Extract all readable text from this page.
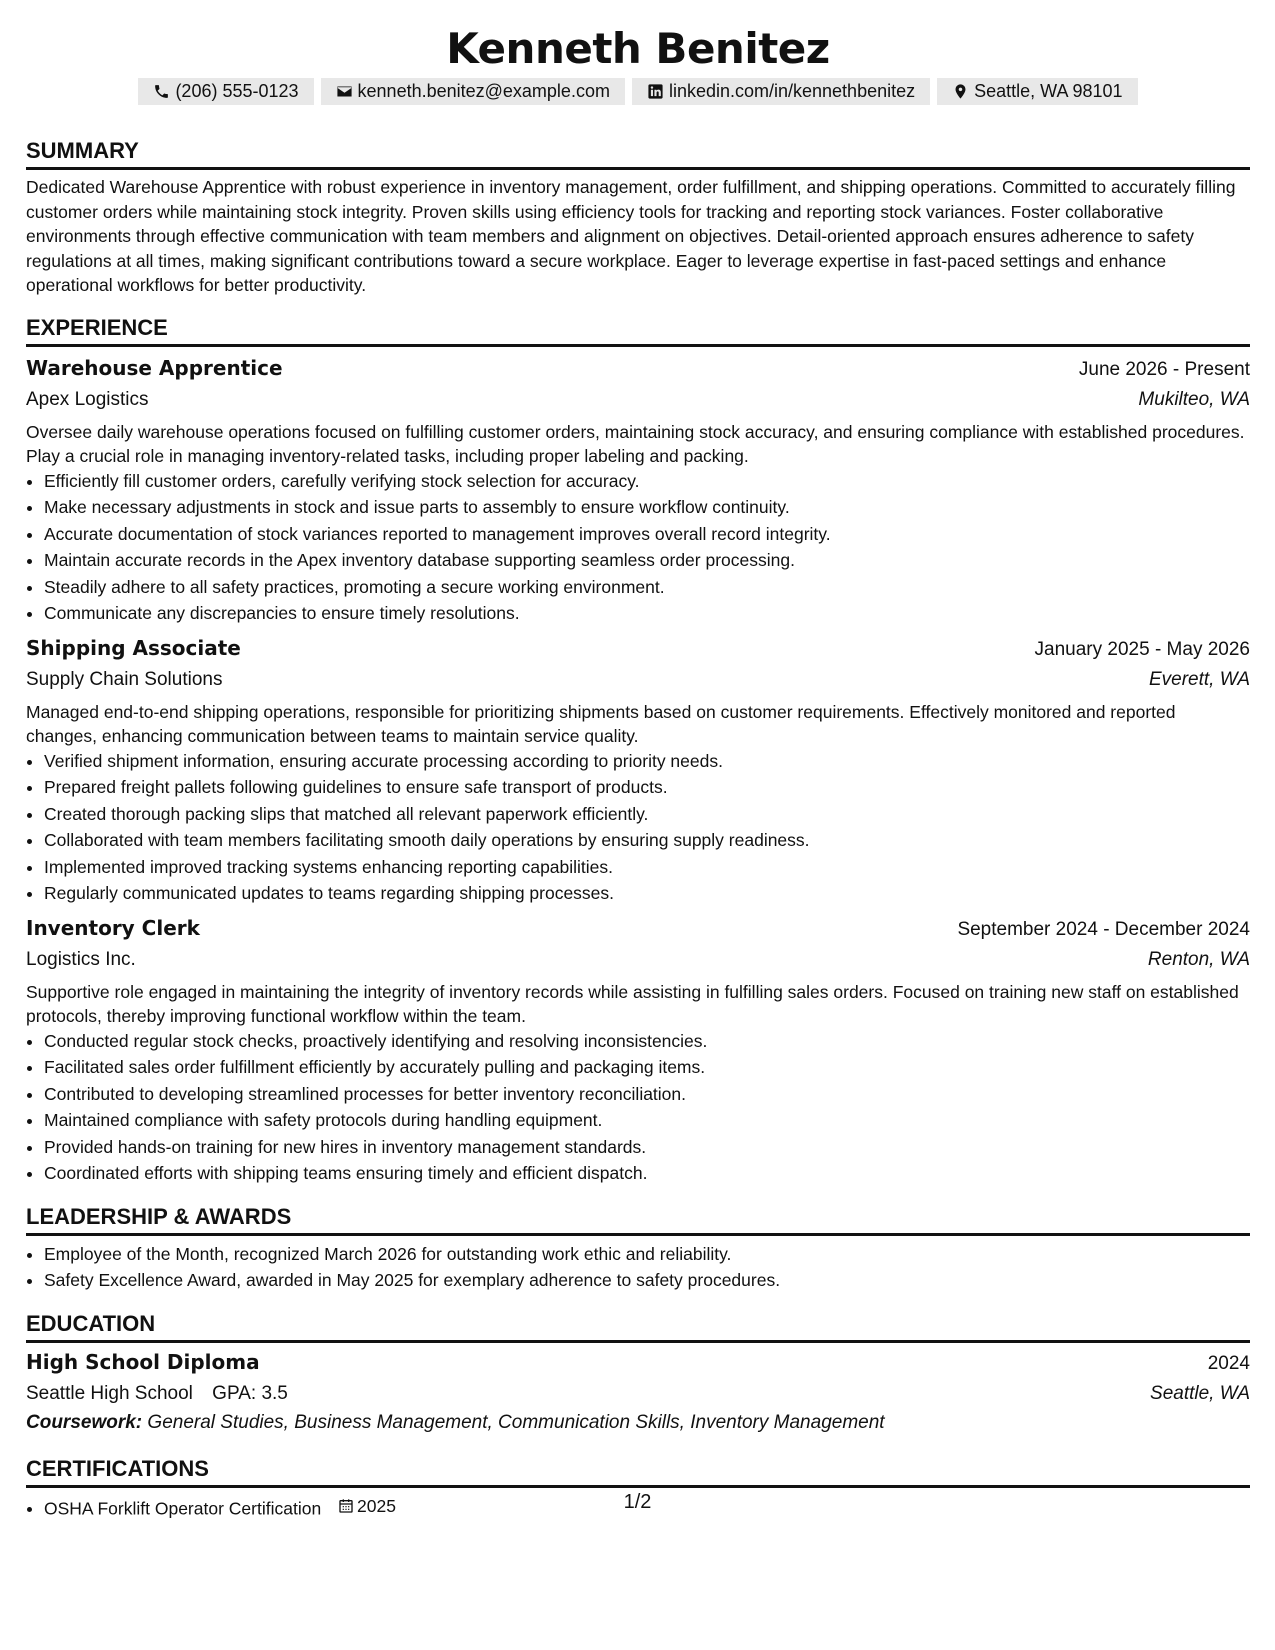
Kenneth Benitez
(206) 555-0123	kenneth.benitez@example.com	linkedin.com/in/kennethbenitez	Seattle, WA 98101
SUMMARY
Dedicated Warehouse Apprentice with robust experience in inventory management, order fulfillment, and shipping operations. Committed to accurately filling customer orders while maintaining stock integrity. Proven skills using efficiency tools for tracking and reporting stock variances. Foster collaborative environments through effective communication with team members and alignment on objectives. Detail-oriented approach ensures adherence to safety regulations at all times, making significant contributions toward a secure workplace. Eager to leverage expertise in fast-paced settings and enhance operational workflows for better productivity.
EXPERIENCE
Warehouse Apprentice	June 2026 - Present
Apex Logistics	Mukilteo, WA
Oversee daily warehouse operations focused on fulfilling customer orders, maintaining stock accuracy, and ensuring compliance with established procedures. Play a crucial role in managing inventory-related tasks, including proper labeling and packing.
• Efficiently fill customer orders, carefully verifying stock selection for accuracy.
• Make necessary adjustments in stock and issue parts to assembly to ensure workflow continuity.
• Accurate documentation of stock variances reported to management improves overall record integrity.
• Maintain accurate records in the Apex inventory database supporting seamless order processing.
• Steadily adhere to all safety practices, promoting a secure working environment.
• Communicate any discrepancies to ensure timely resolutions.
Shipping Associate	January 2025 - May 2026
Supply Chain Solutions	Everett, WA
Managed end-to-end shipping operations, responsible for prioritizing shipments based on customer requirements. Effectively monitored and reported changes, enhancing communication between teams to maintain service quality.
• Verified shipment information, ensuring accurate processing according to priority needs.
• Prepared freight pallets following guidelines to ensure safe transport of products.
• Created thorough packing slips that matched all relevant paperwork efficiently.
• Collaborated with team members facilitating smooth daily operations by ensuring supply readiness.
• Implemented improved tracking systems enhancing reporting capabilities.
• Regularly communicated updates to teams regarding shipping processes.
Inventory Clerk	September 2024 - December 2024
Logistics Inc.	Renton, WA
Supportive role engaged in maintaining the integrity of inventory records while assisting in fulfilling sales orders. Focused on training new staff on established protocols, thereby improving functional workflow within the team.
• Conducted regular stock checks, proactively identifying and resolving inconsistencies.
• Facilitated sales order fulfillment efficiently by accurately pulling and packaging items.
• Contributed to developing streamlined processes for better inventory reconciliation.
• Maintained compliance with safety protocols during handling equipment.
• Provided hands-on training for new hires in inventory management standards.
• Coordinated efforts with shipping teams ensuring timely and efficient dispatch.
LEADERSHIP & AWARDS
• Employee of the Month, recognized March 2026 for outstanding work ethic and reliability.
• Safety Excellence Award, awarded in May 2025 for exemplary adherence to safety procedures.
EDUCATION
High School Diploma	2024
Seattle High School GPA: 3.5	Seattle, WA
Coursework: General Studies, Business Management, Communication Skills, Inventory Management
CERTIFICATIONS
• OSHA Forklift Operator Certification 2025	1/2
